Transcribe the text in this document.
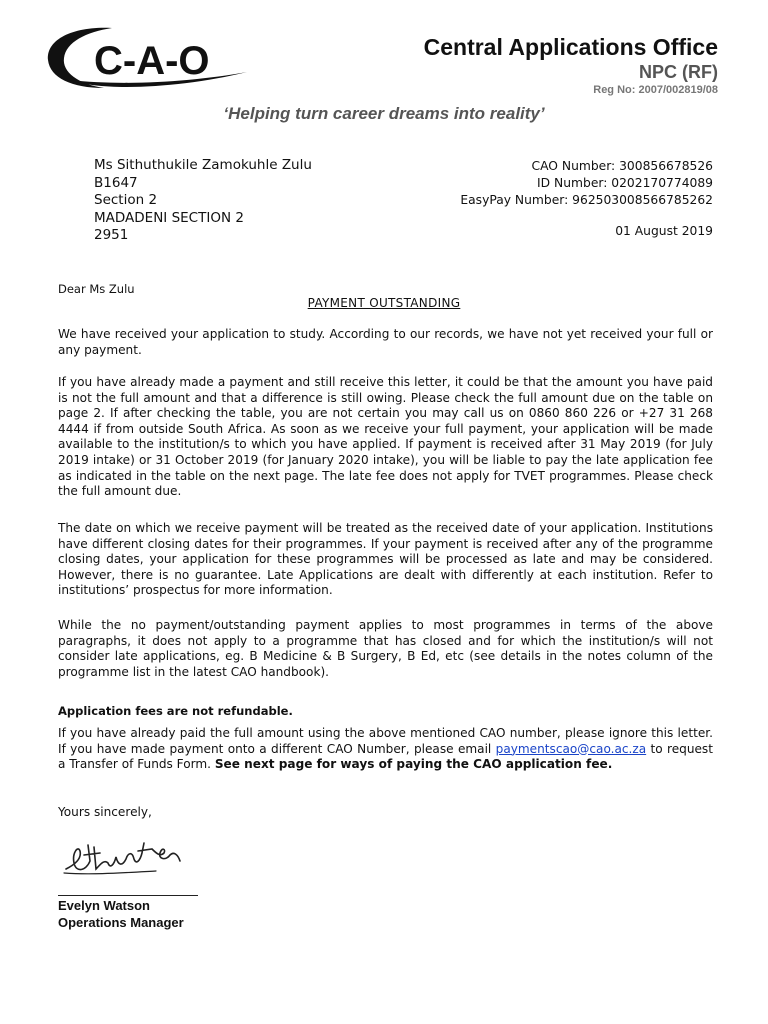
C-A-O	Central Applications Office
NPC (RF)
Reg No: 2007/002819/08
‘Helping turn career dreams into reality’
Ms Sithuthukile Zamokuhle Zulu
B1647
Section 2
MADADENI SECTION 2
2951
CAO Number: 300856678526
ID Number: 0202170774089
EasyPay Number: 962503008566785262
01 August 2019
Dear Ms Zulu
PAYMENT OUTSTANDING
We have received your application to study. According to our records, we have not yet received your full or any payment.
If you have already made a payment and still receive this letter, it could be that the amount you have paid is not the full amount and that a difference is still owing. Please check the full amount due on the table on page 2. If after checking the table, you are not certain you may call us on 0860 860 226 or +27 31 268 4444 if from outside South Africa. As soon as we receive your full payment, your application will be made available to the institution/s to which you have applied. If payment is received after 31 May 2019 (for July 2019 intake) or 31 October 2019 (for January 2020 intake), you will be liable to pay the late application fee as indicated in the table on the next page. The late fee does not apply for TVET programmes. Please check the full amount due.
The date on which we receive payment will be treated as the received date of your application. Institutions have different closing dates for their programmes. If your payment is received after any of the programme closing dates, your application for these programmes will be processed as late and may be considered. However, there is no guarantee. Late Applications are dealt with differently at each institution. Refer to institutions’ prospectus for more information.
While the no payment/outstanding payment applies to most programmes in terms of the above paragraphs, it does not apply to a programme that has closed and for which the institution/s will not consider late applications, eg. B Medicine & B Surgery, B Ed, etc (see details in the notes column of the programme list in the latest CAO handbook).
Application fees are not refundable.
If you have already paid the full amount using the above mentioned CAO number, please ignore this letter. If you have made payment onto a different CAO Number, please email paymentscao@cao.ac.za to request a Transfer of Funds Form. See next page for ways of paying the CAO application fee.
Yours sincerely,
Evelyn Watson
Operations Manager
